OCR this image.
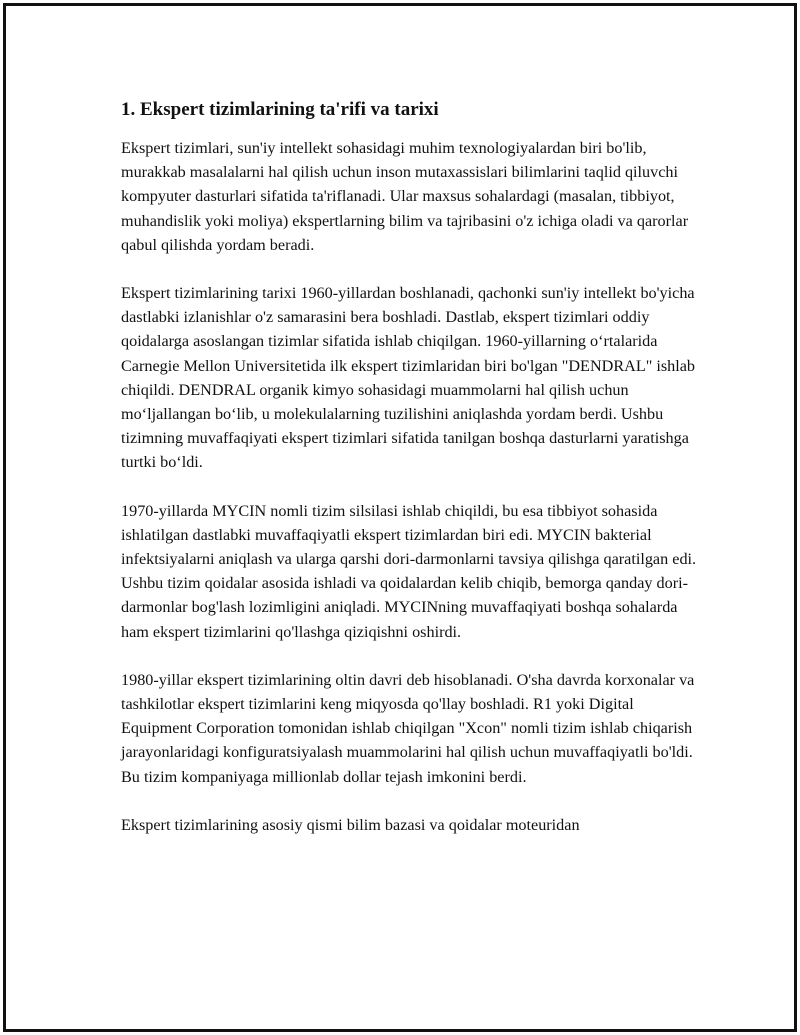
1. Ekspert tizimlarining ta'rifi va tarixi

Ekspert tizimlari, sun'iy intellekt sohasidagi muhim texnologiyalardan biri bo'lib, murakkab masalalarni hal qilish uchun inson mutaxassislari bilimlarini taqlid qiluvchi kompyuter dasturlari sifatida ta'riflanadi. Ular maxsus sohalardagi (masalan, tibbiyot, muhandislik yoki moliya) ekspertlarning bilim va tajribasini o'z ichiga oladi va qarorlar qabul qilishda yordam beradi.

Ekspert tizimlarining tarixi 1960-yillardan boshlanadi, qachonki sun'iy intellekt bo'yicha dastlabki izlanishlar o'z samarasini bera boshladi. Dastlab, ekspert tizimlari oddiy qoidalarga asoslangan tizimlar sifatida ishlab chiqilgan. 1960-yillarning o‘rtalarida Carnegie Mellon Universitetida ilk ekspert tizimlaridan biri bo'lgan "DENDRAL" ishlab chiqildi. DENDRAL organik kimyo sohasidagi muammolarni hal qilish uchun mo‘ljallangan bo‘lib, u molekulalarning tuzilishini aniqlashda yordam berdi. Ushbu tizimning muvaffaqiyati ekspert tizimlari sifatida tanilgan boshqa dasturlarni yaratishga turtki bo‘ldi.

1970-yillarda MYCIN nomli tizim silsilasi ishlab chiqildi, bu esa tibbiyot sohasida ishlatilgan dastlabki muvaffaqiyatli ekspert tizimlardan biri edi. MYCIN bakterial infektsiyalarni aniqlash va ularga qarshi dori-darmonlarni tavsiya qilishga qaratilgan edi. Ushbu tizim qoidalar asosida ishladi va qoidalardan kelib chiqib, bemorga qanday dori-darmonlar bog'lash lozimligini aniqladi. MYCINning muvaffaqiyati boshqa sohalarda ham ekspert tizimlarini qo'llashga qiziqishni oshirdi.

1980-yillar ekspert tizimlarining oltin davri deb hisoblanadi. O'sha davrda korxonalar va tashkilotlar ekspert tizimlarini keng miqyosda qo'llay boshladi. R1 yoki Digital Equipment Corporation tomonidan ishlab chiqilgan "Xcon" nomli tizim ishlab chiqarish jarayonlaridagi konfiguratsiyalash muammolarini hal qilish uchun muvaffaqiyatli bo'ldi. Bu tizim kompaniyaga millionlab dollar tejash imkonini berdi.

Ekspert tizimlarining asosiy qismi bilim bazasi va qoidalar moteuridan
